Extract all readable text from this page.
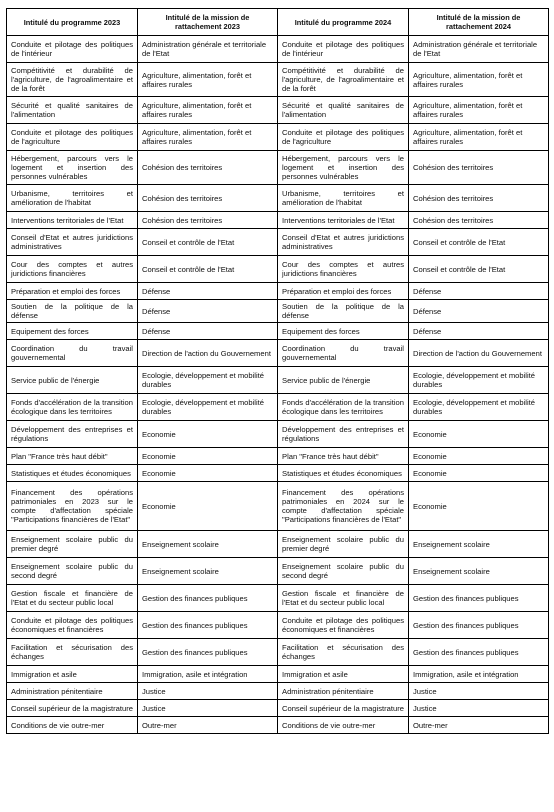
Intitulé du programme 2023	Intitulé de la mission de rattachement 2023	Intitulé du programme 2024	Intitulé de la mission de rattachement 2024
Conduite et pilotage des politiques de l'intérieur	Administration générale et territoriale de l'Etat	Conduite et pilotage des politiques de l'intérieur	Administration générale et territoriale de l'Etat
Compétitivité et durabilité de l'agriculture, de l'agroalimentaire et de la forêt	Agriculture, alimentation, forêt et affaires rurales	Compétitivité et durabilité de l'agriculture, de l'agroalimentaire et de la forêt	Agriculture, alimentation, forêt et affaires rurales
Sécurité et qualité sanitaires de l'alimentation	Agriculture, alimentation, forêt et affaires rurales	Sécurité et qualité sanitaires de l'alimentation	Agriculture, alimentation, forêt et affaires rurales
Conduite et pilotage des politiques de l'agriculture	Agriculture, alimentation, forêt et affaires rurales	Conduite et pilotage des politiques de l'agriculture	Agriculture, alimentation, forêt et affaires rurales
Hébergement, parcours vers le logement et insertion des personnes vulnérables	Cohésion des territoires	Hébergement, parcours vers le logement et insertion des personnes vulnérables	Cohésion des territoires
Urbanisme, territoires et amélioration de l'habitat	Cohésion des territoires	Urbanisme, territoires et amélioration de l'habitat	Cohésion des territoires
Interventions territoriales de l'Etat	Cohésion des territoires	Interventions territoriales de l'Etat	Cohésion des territoires
Conseil d'Etat et autres juridictions administratives	Conseil et contrôle de l'Etat	Conseil d'Etat et autres juridictions administratives	Conseil et contrôle de l'Etat
Cour des comptes et autres juridictions financières	Conseil et contrôle de l'Etat	Cour des comptes et autres juridictions financières	Conseil et contrôle de l'Etat
Préparation et emploi des forces	Défense	Préparation et emploi des forces	Défense
Soutien de la politique de la défense	Défense	Soutien de la politique de la défense	Défense
Equipement des forces	Défense	Equipement des forces	Défense
Coordination du travail gouvernemental	Direction de l'action du Gouvernement	Coordination du travail gouvernemental	Direction de l'action du Gouvernement
Service public de l'énergie	Ecologie, développement et mobilité durables	Service public de l'énergie	Ecologie, développement et mobilité durables
Fonds d'accélération de la transition écologique dans les territoires	Ecologie, développement et mobilité durables	Fonds d'accélération de la transition écologique dans les territoires	Ecologie, développement et mobilité durables
Développement des entreprises et régulations	Economie	Développement des entreprises et régulations	Economie
Plan "France très haut débit"	Economie	Plan "France très haut débit"	Economie
Statistiques et études économiques	Economie	Statistiques et études économiques	Economie
Financement des opérations patrimoniales en 2023 sur le compte d'affectation spéciale "Participations financières de l'Etat"	Economie	Financement des opérations patrimoniales en 2024 sur le compte d'affectation spéciale "Participations financières de l'Etat"	Economie
Enseignement scolaire public du premier degré	Enseignement scolaire	Enseignement scolaire public du premier degré	Enseignement scolaire
Enseignement scolaire public du second degré	Enseignement scolaire	Enseignement scolaire public du second degré	Enseignement scolaire
Gestion fiscale et financière de l'Etat et du secteur public local	Gestion des finances publiques	Gestion fiscale et financière de l'Etat et du secteur public local	Gestion des finances publiques
Conduite et pilotage des politiques économiques et financières	Gestion des finances publiques	Conduite et pilotage des politiques économiques et financières	Gestion des finances publiques
Facilitation et sécurisation des échanges	Gestion des finances publiques	Facilitation et sécurisation des échanges	Gestion des finances publiques
Immigration et asile	Immigration, asile et intégration	Immigration et asile	Immigration, asile et intégration
Administration pénitentiaire	Justice	Administration pénitentiaire	Justice
Conseil supérieur de la magistrature	Justice	Conseil supérieur de la magistrature	Justice
Conditions de vie outre-mer	Outre-mer	Conditions de vie outre-mer	Outre-mer
